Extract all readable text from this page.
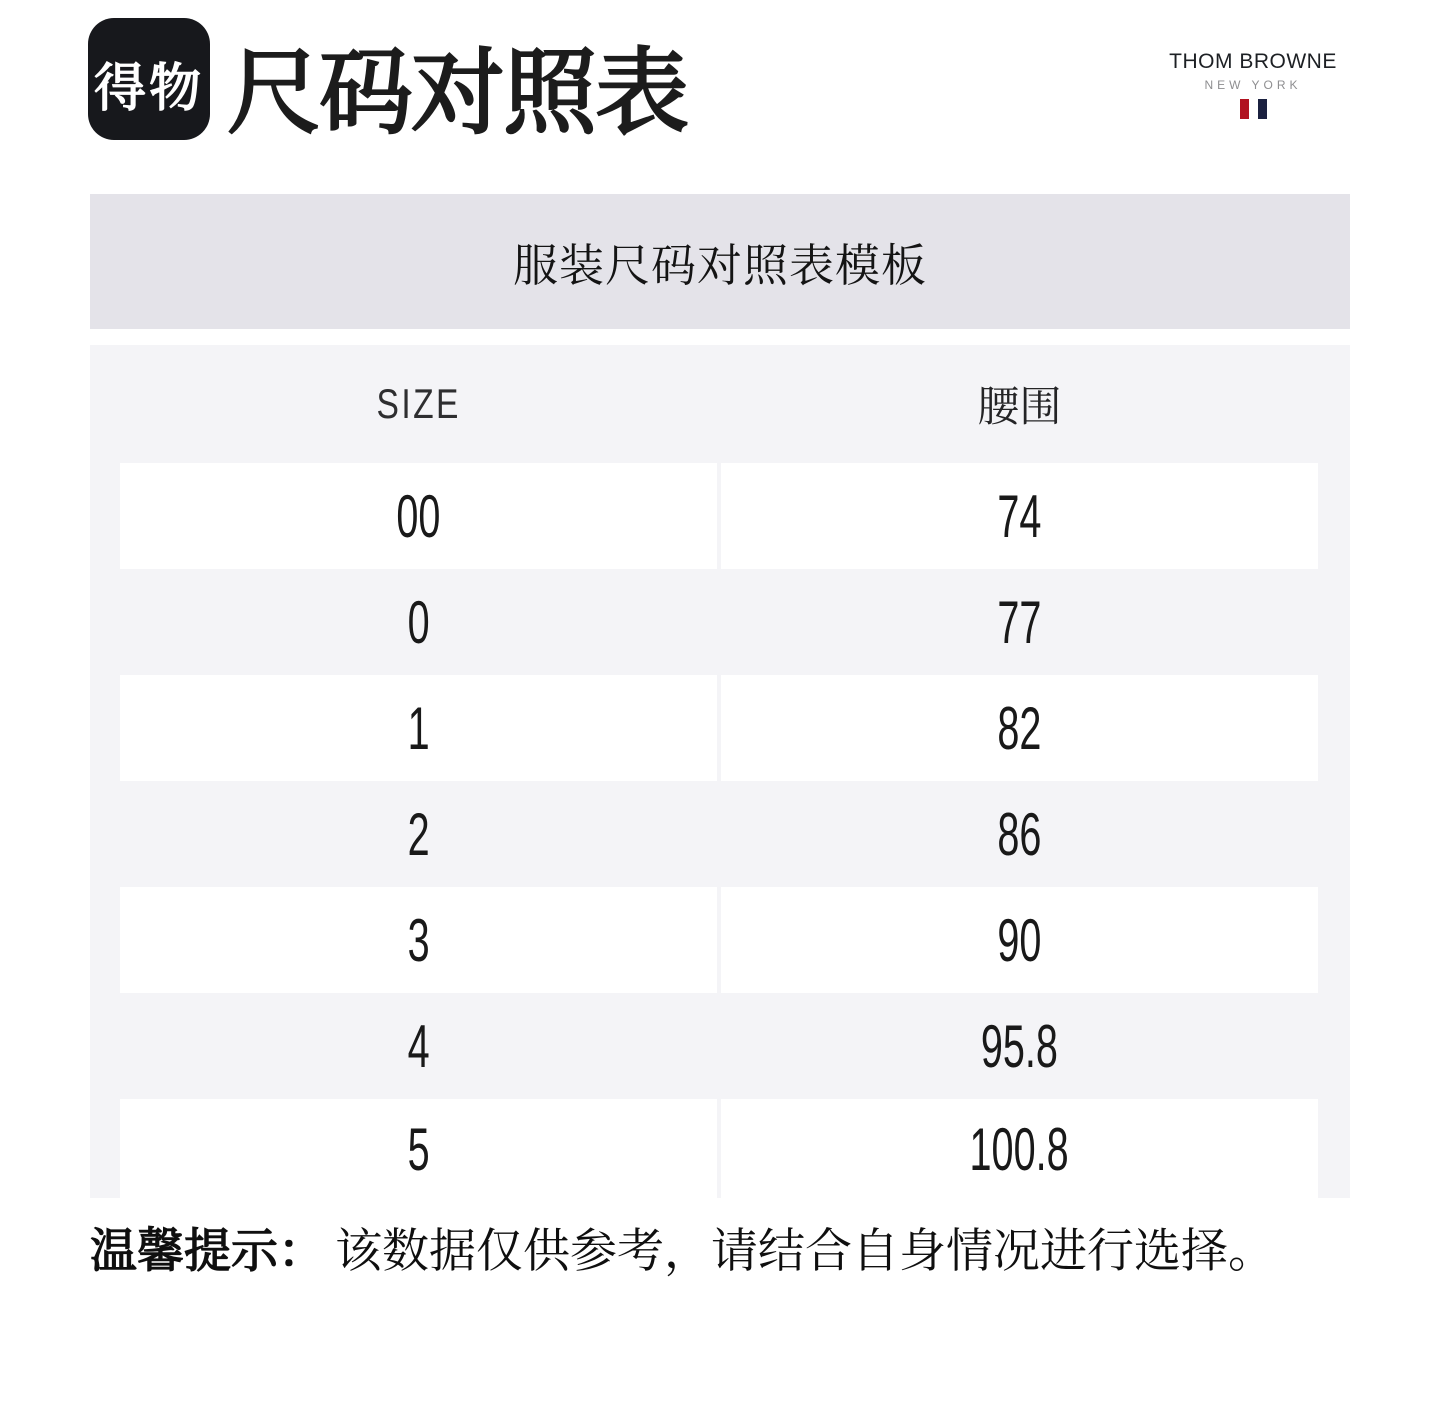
得物 尺码对照表	THOM BROWNE
NEW YORK
服装尺码对照表模板
SIZE	腰围
00	74
0	77
1	82
2	86
3	90
4	95.8
5	100.8
温馨提示： 该数据仅供参考，请结合自身情况进行选择。
